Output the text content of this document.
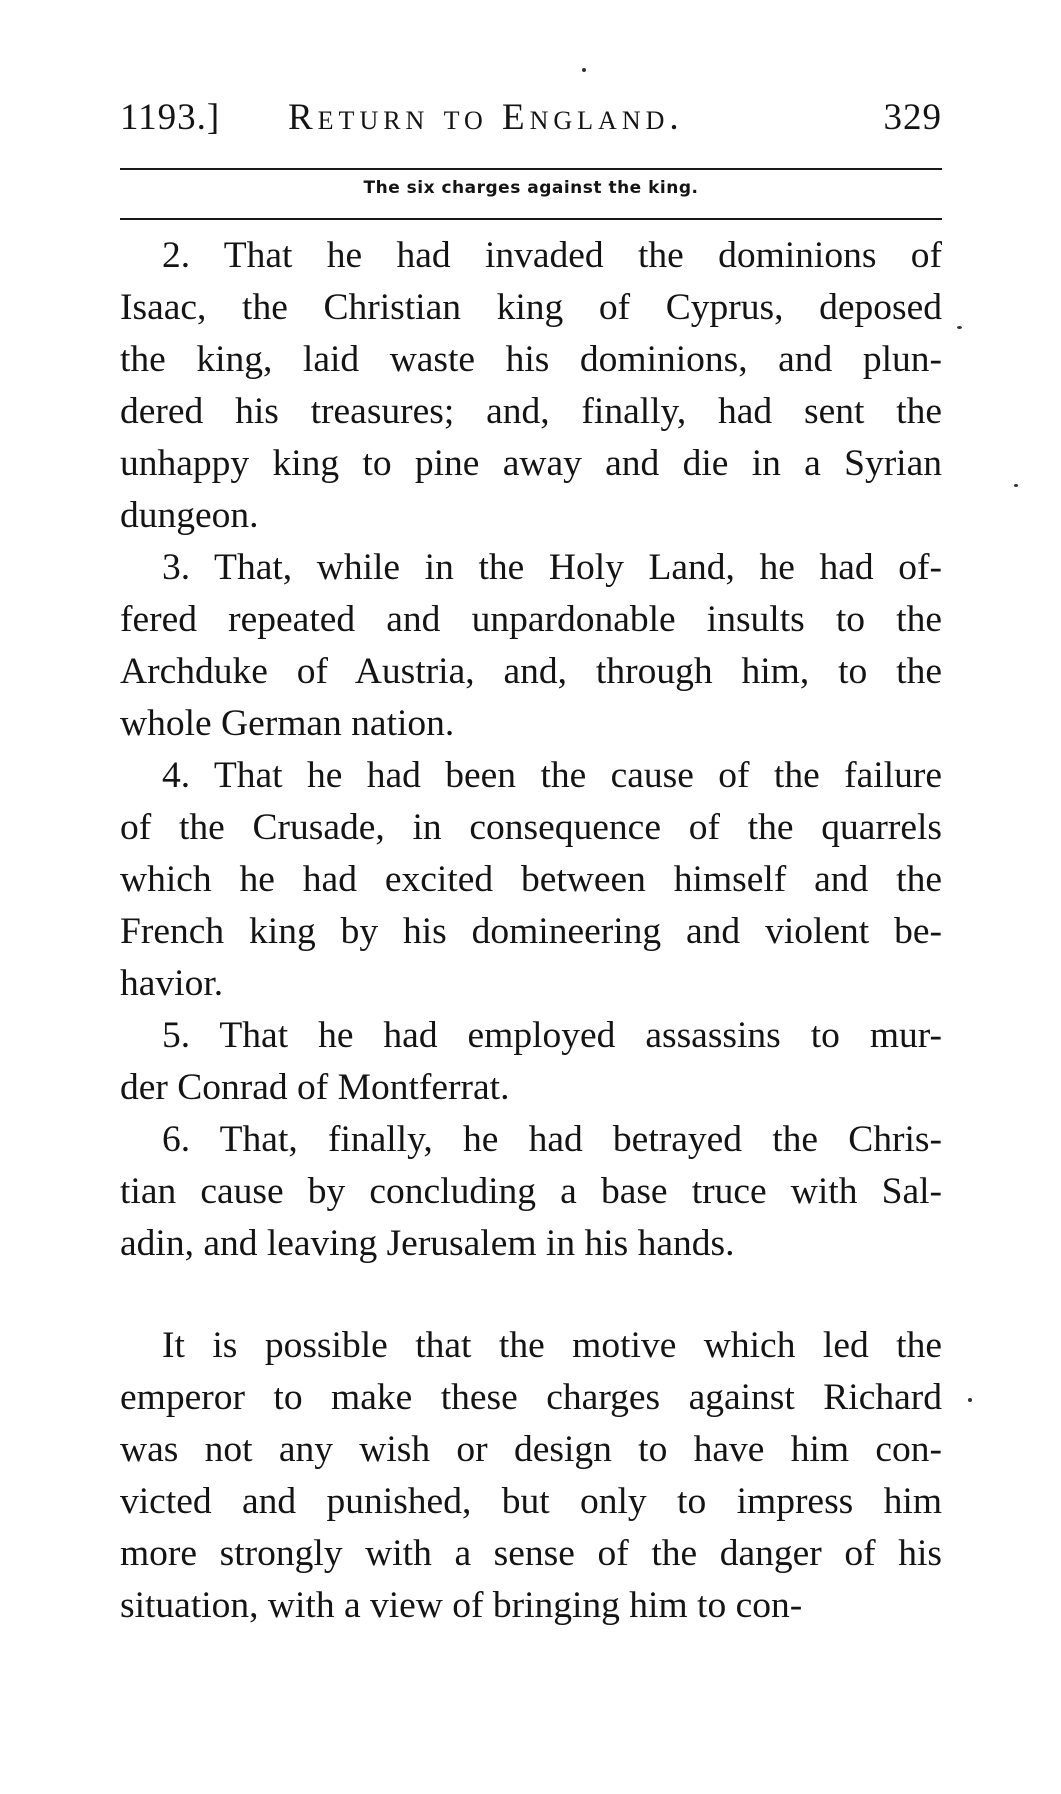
1193.] Return to England.	329
The six charges against the king.

2. That he had invaded the dominions of
Isaac, the Christian king of Cyprus, deposed
the king, laid waste his dominions, and plun-
dered his treasures; and, finally, had sent the
unhappy king to pine away and die in a Syrian
dungeon.

3. That, while in the Holy Land, he had of-
fered repeated and unpardonable insults to the
Archduke of Austria, and, through him, to the
whole German nation.

4. That he had been the cause of the failure
of the Crusade, in consequence of the quarrels
which he had excited between himself and the
French king by his domineering and violent be-
havior.

5. That he had employed assassins to mur-
der Conrad of Montferrat.

6. That, finally, he had betrayed the Chris-
tian cause by concluding a base truce with Sal-
adin, and leaving Jerusalem in his hands.

It is possible that the motive which led the
emperor to make these charges against Richard
was not any wish or design to have him con-
victed and punished, but only to impress him
more strongly with a sense of the danger of his
situation, with a view of bringing him to con-
